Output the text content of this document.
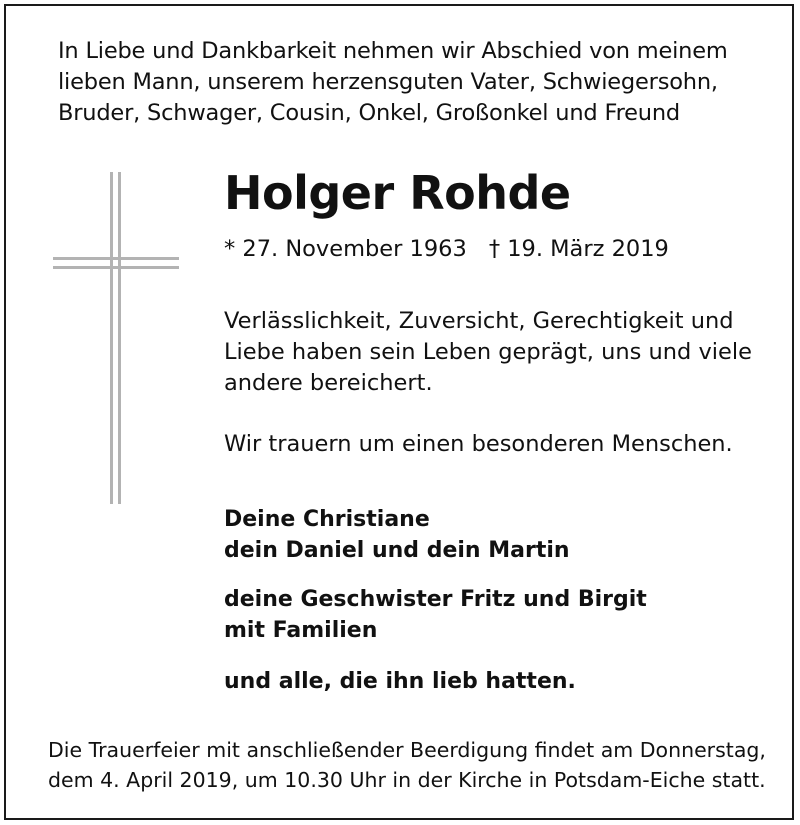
In Liebe und Dankbarkeit nehmen wir Abschied von meinem
lieben Mann, unserem herzensguten Vater, Schwiegersohn,
Bruder, Schwager, Cousin, Onkel, Großonkel und Freund
Holger Rohde
* 27. November 1963 † 19. März 2019
Verlässlichkeit, Zuversicht, Gerechtigkeit und
Liebe haben sein Leben geprägt, uns und viele
andere bereichert.
Wir trauern um einen besonderen Menschen.
Deine Christiane
dein Daniel und dein Martin
deine Geschwister Fritz und Birgit
mit Familien
und alle, die ihn lieb hatten.
Die Trauerfeier mit anschließender Beerdigung findet am Donnerstag,
dem 4. April 2019, um 10.30 Uhr in der Kirche in Potsdam-Eiche statt.
